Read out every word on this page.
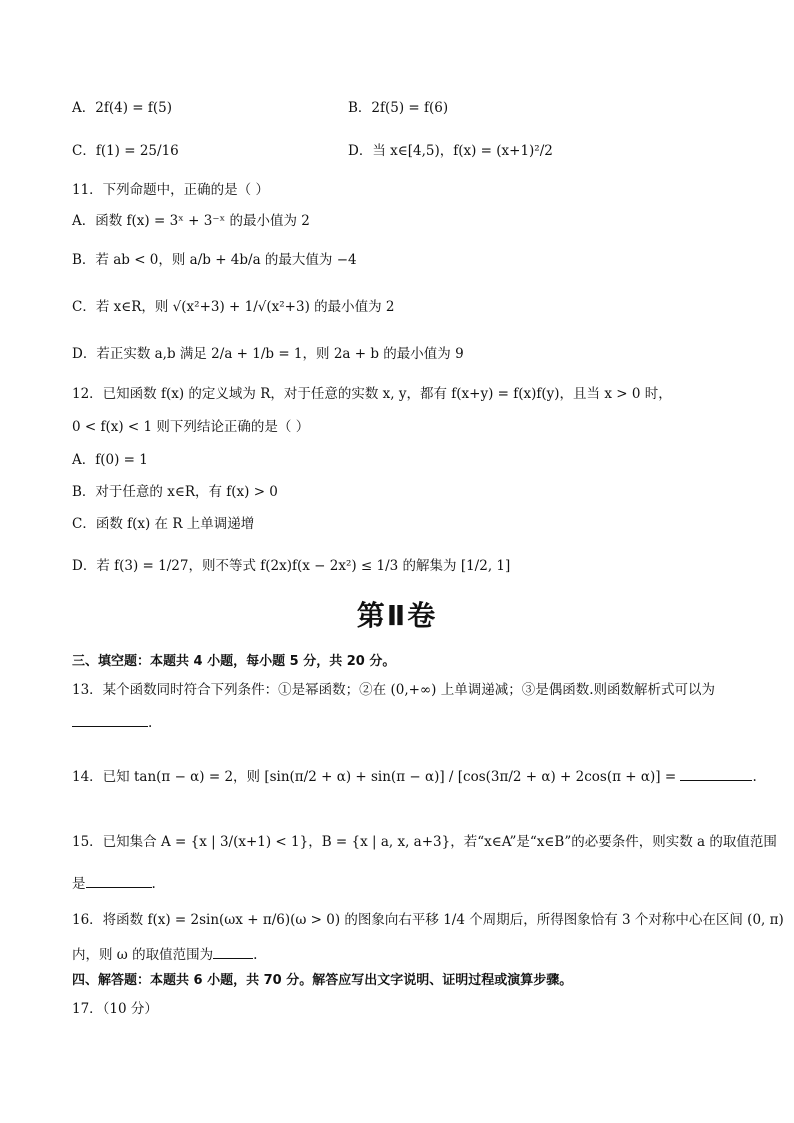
A．2f(4) = f(5)	B．2f(5) = f(6)
C．f(1) = 25/16	D．当 x∈[4,5)，f(x) = (x+1)²/2
11．下列命题中，正确的是（ ）
A．函数 f(x) = 3ˣ + 3⁻ˣ 的最小值为 2
B．若 ab < 0，则 a/b + 4b/a 的最大值为 −4
C．若 x∈R，则 √(x²+3) + 1/√(x²+3) 的最小值为 2
D．若正实数 a,b 满足 2/a + 1/b = 1，则 2a + b 的最小值为 9
12．已知函数 f(x) 的定义域为 R，对于任意的实数 x, y，都有 f(x+y) = f(x)f(y)，且当 x > 0 时，
0 < f(x) < 1 则下列结论正确的是（ ）
A．f(0) = 1
B．对于任意的 x∈R，有 f(x) > 0
C．函数 f(x) 在 R 上单调递增
D．若 f(3) = 1/27，则不等式 f(2x)f(x − 2x²) ≤ 1/3 的解集为 [1/2, 1]
第Ⅱ卷
三、填空题：本题共 4 小题，每小题 5 分，共 20 分。
13．某个函数同时符合下列条件：①是幂函数；②在 (0,+∞) 上单调递减；③是偶函数.则函数解析式可以为
.
14．已知 tan(π − α) = 2，则 [sin(π/2 + α) + sin(π − α)] / [cos(3π/2 + α) + 2cos(π + α)] =	.
15．已知集合 A = {x | 3/(x+1) < 1}，B = {x | a, x, a+3}，若“x∈A”是“x∈B”的必要条件，则实数 a 的取值范围
是	.
16．将函数 f(x) = 2sin(ωx + π/6)(ω > 0) 的图象向右平移 1/4 个周期后，所得图象恰有 3 个对称中心在区间 (0, π)
内，则 ω 的取值范围为	.
四、解答题：本题共 6 小题，共 70 分。解答应写出文字说明、证明过程或演算步骤。
17．（10 分）
